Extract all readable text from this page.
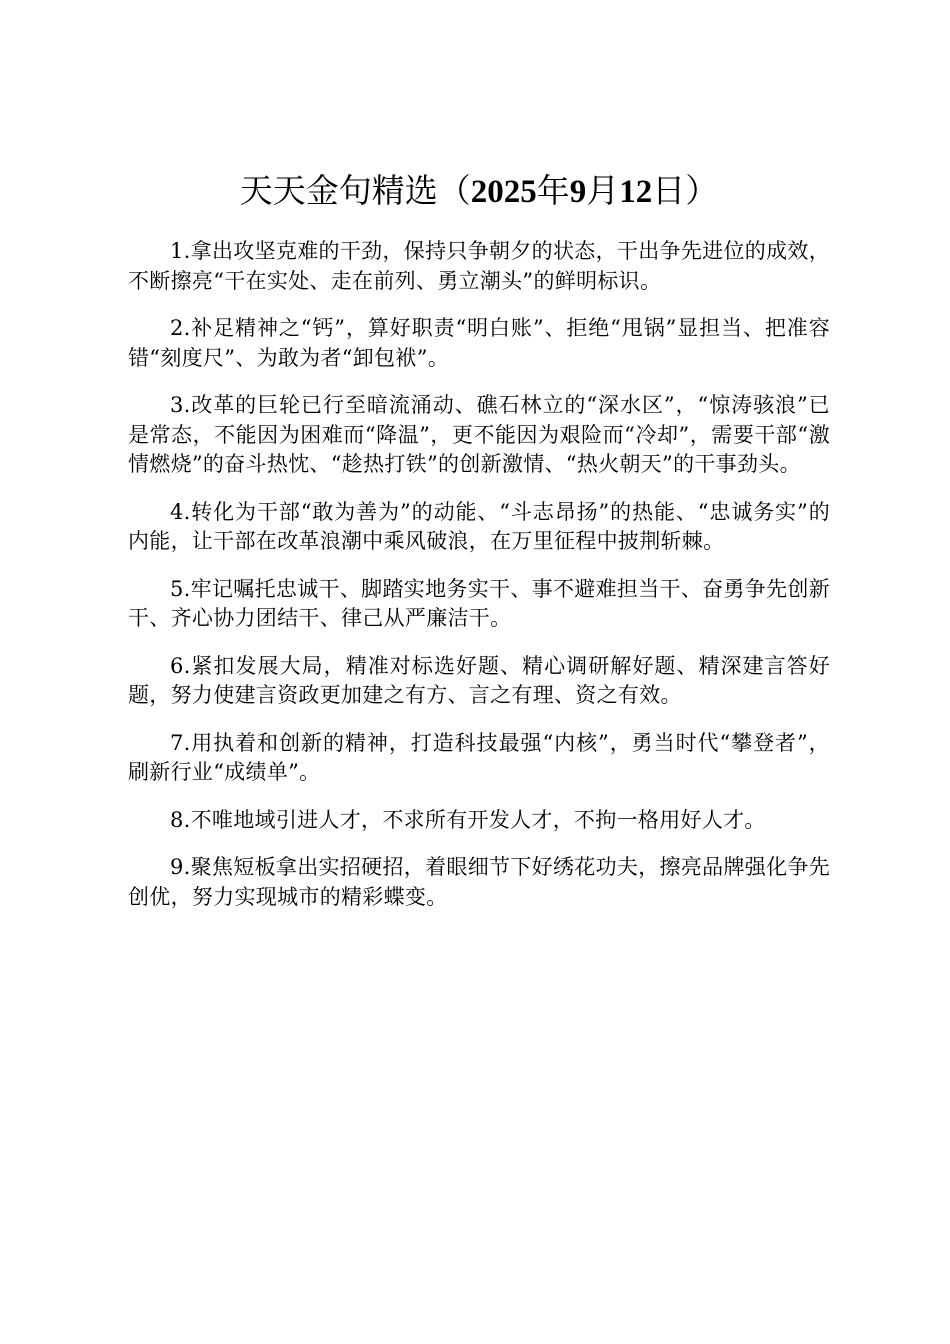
天天金句精选（2025年9月12日）

1.拿出攻坚克难的干劲，保持只争朝夕的状态，干出争先进位的成效，不断擦亮“干在实处、走在前列、勇立潮头”的鲜明标识。

2.补足精神之“钙”，算好职责“明白账”、拒绝“甩锅”显担当、把准容错“刻度尺”、为敢为者“卸包袱”。

3.改革的巨轮已行至暗流涌动、礁石林立的“深水区”，“惊涛骇浪”已是常态，不能因为困难而“降温”，更不能因为艰险而“冷却”，需要干部“激情燃烧”的奋斗热忱、“趁热打铁”的创新激情、“热火朝天”的干事劲头。

4.转化为干部“敢为善为”的动能、“斗志昂扬”的热能、“忠诚务实”的内能，让干部在改革浪潮中乘风破浪，在万里征程中披荆斩棘。

5.牢记嘱托忠诚干、脚踏实地务实干、事不避难担当干、奋勇争先创新干、齐心协力团结干、律己从严廉洁干。

6.紧扣发展大局，精准对标选好题、精心调研解好题、精深建言答好题，努力使建言资政更加建之有方、言之有理、资之有效。

7.用执着和创新的精神，打造科技最强“内核”，勇当时代“攀登者”，刷新行业“成绩单”。

8.不唯地域引进人才，不求所有开发人才，不拘一格用好人才。

9.聚焦短板拿出实招硬招，着眼细节下好绣花功夫，擦亮品牌强化争先创优，努力实现城市的精彩蝶变。
